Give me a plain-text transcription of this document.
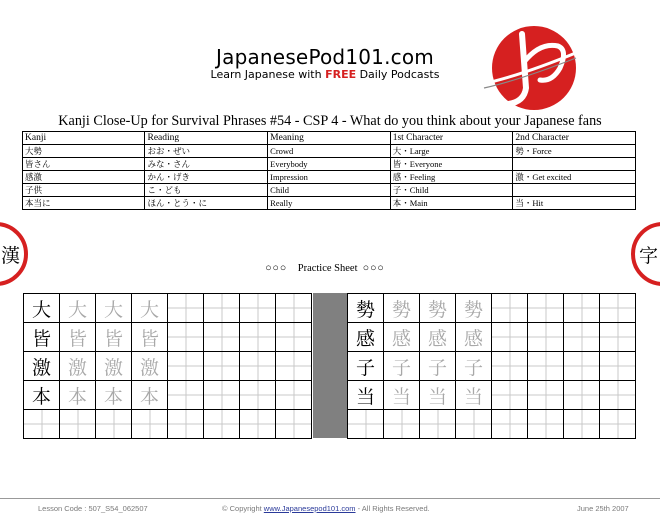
JapanesePod101.com
Learn Japanese with FREE Daily Podcasts
Kanji Close-Up for Survival Phrases #54 - CSP 4 - What do you think about your Japanese fans
Kanji	Reading	Meaning	1st Character	2nd Character
大勢	おお・ぜい	Crowd	大・Large	勢・Force
皆さん	みな・さん	Everybody	皆・Everyone	
感激	かん・げき	Impression	感・Feeling	激・Get excited
子供	こ・ども	Child	子・Child	
本当に	ほん・とう・に	Really	本・Main	当・Hit
漢	字
○○○ Practice Sheet ○○○
大	大	大	大				

皆	皆	皆	皆				

激	激	激	激				

本	本	本	本				

勢	勢	勢	勢				

感	感	感	感				

子	子	子	子				

当	当	当	当				

Lesson Code : 507_S54_062507	© Copyright www.Japanesepod101.com - All Rights Reserved.	June 25th 2007
